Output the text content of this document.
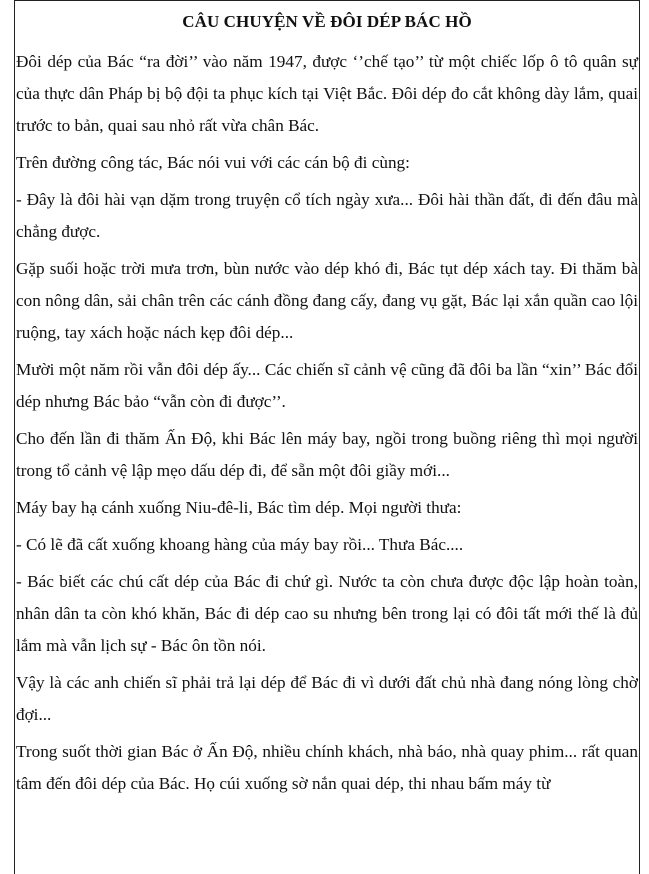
CÂU CHUYỆN VỀ ĐÔI DÉP BÁC HỒ

Đôi dép của Bác “ra đời’’ vào năm 1947, được ‘’chế tạo’’ từ một chiếc lốp ô tô quân sự của thực dân Pháp bị bộ đội ta phục kích tại Việt Bắc. Đôi dép đo cắt không dày lắm, quai trước to bản, quai sau nhỏ rất vừa chân Bác.

Trên đường công tác, Bác nói vui với các cán bộ đi cùng:

- Đây là đôi hài vạn dặm trong truyện cổ tích ngày xưa... Đôi hài thần đất, đi đến đâu mà chẳng được.

Gặp suối hoặc trời mưa trơn, bùn nước vào dép khó đi, Bác tụt dép xách tay. Đi thăm bà con nông dân, sải chân trên các cánh đồng đang cấy, đang vụ gặt, Bác lại xắn quần cao lội ruộng, tay xách hoặc nách kẹp đôi dép...

Mười một năm rồi vẫn đôi dép ấy... Các chiến sĩ cảnh vệ cũng đã đôi ba lần “xin’’ Bác đổi dép nhưng Bác bảo “vẫn còn đi được’’.

Cho đến lần đi thăm Ấn Độ, khi Bác lên máy bay, ngồi trong buồng riêng thì mọi người trong tổ cảnh vệ lập mẹo dấu dép đi, để sẵn một đôi giầy mới...

Máy bay hạ cánh xuống Niu-đê-li, Bác tìm dép. Mọi người thưa:

- Có lẽ đã cất xuống khoang hàng của máy bay rồi... Thưa Bác....

- Bác biết các chú cất dép của Bác đi chứ gì. Nước ta còn chưa được độc lập hoàn toàn, nhân dân ta còn khó khăn, Bác đi dép cao su nhưng bên trong lại có đôi tất mới thế là đủ lắm mà vẫn lịch sự - Bác ôn tồn nói.

Vậy là các anh chiến sĩ phải trả lại dép để Bác đi vì dưới đất chủ nhà đang nóng lòng chờ đợi...

Trong suốt thời gian Bác ở Ấn Độ, nhiều chính khách, nhà báo, nhà quay phim... rất quan tâm đến đôi dép của Bác. Họ cúi xuống sờ nắn quai dép, thi nhau bấm máy từ
